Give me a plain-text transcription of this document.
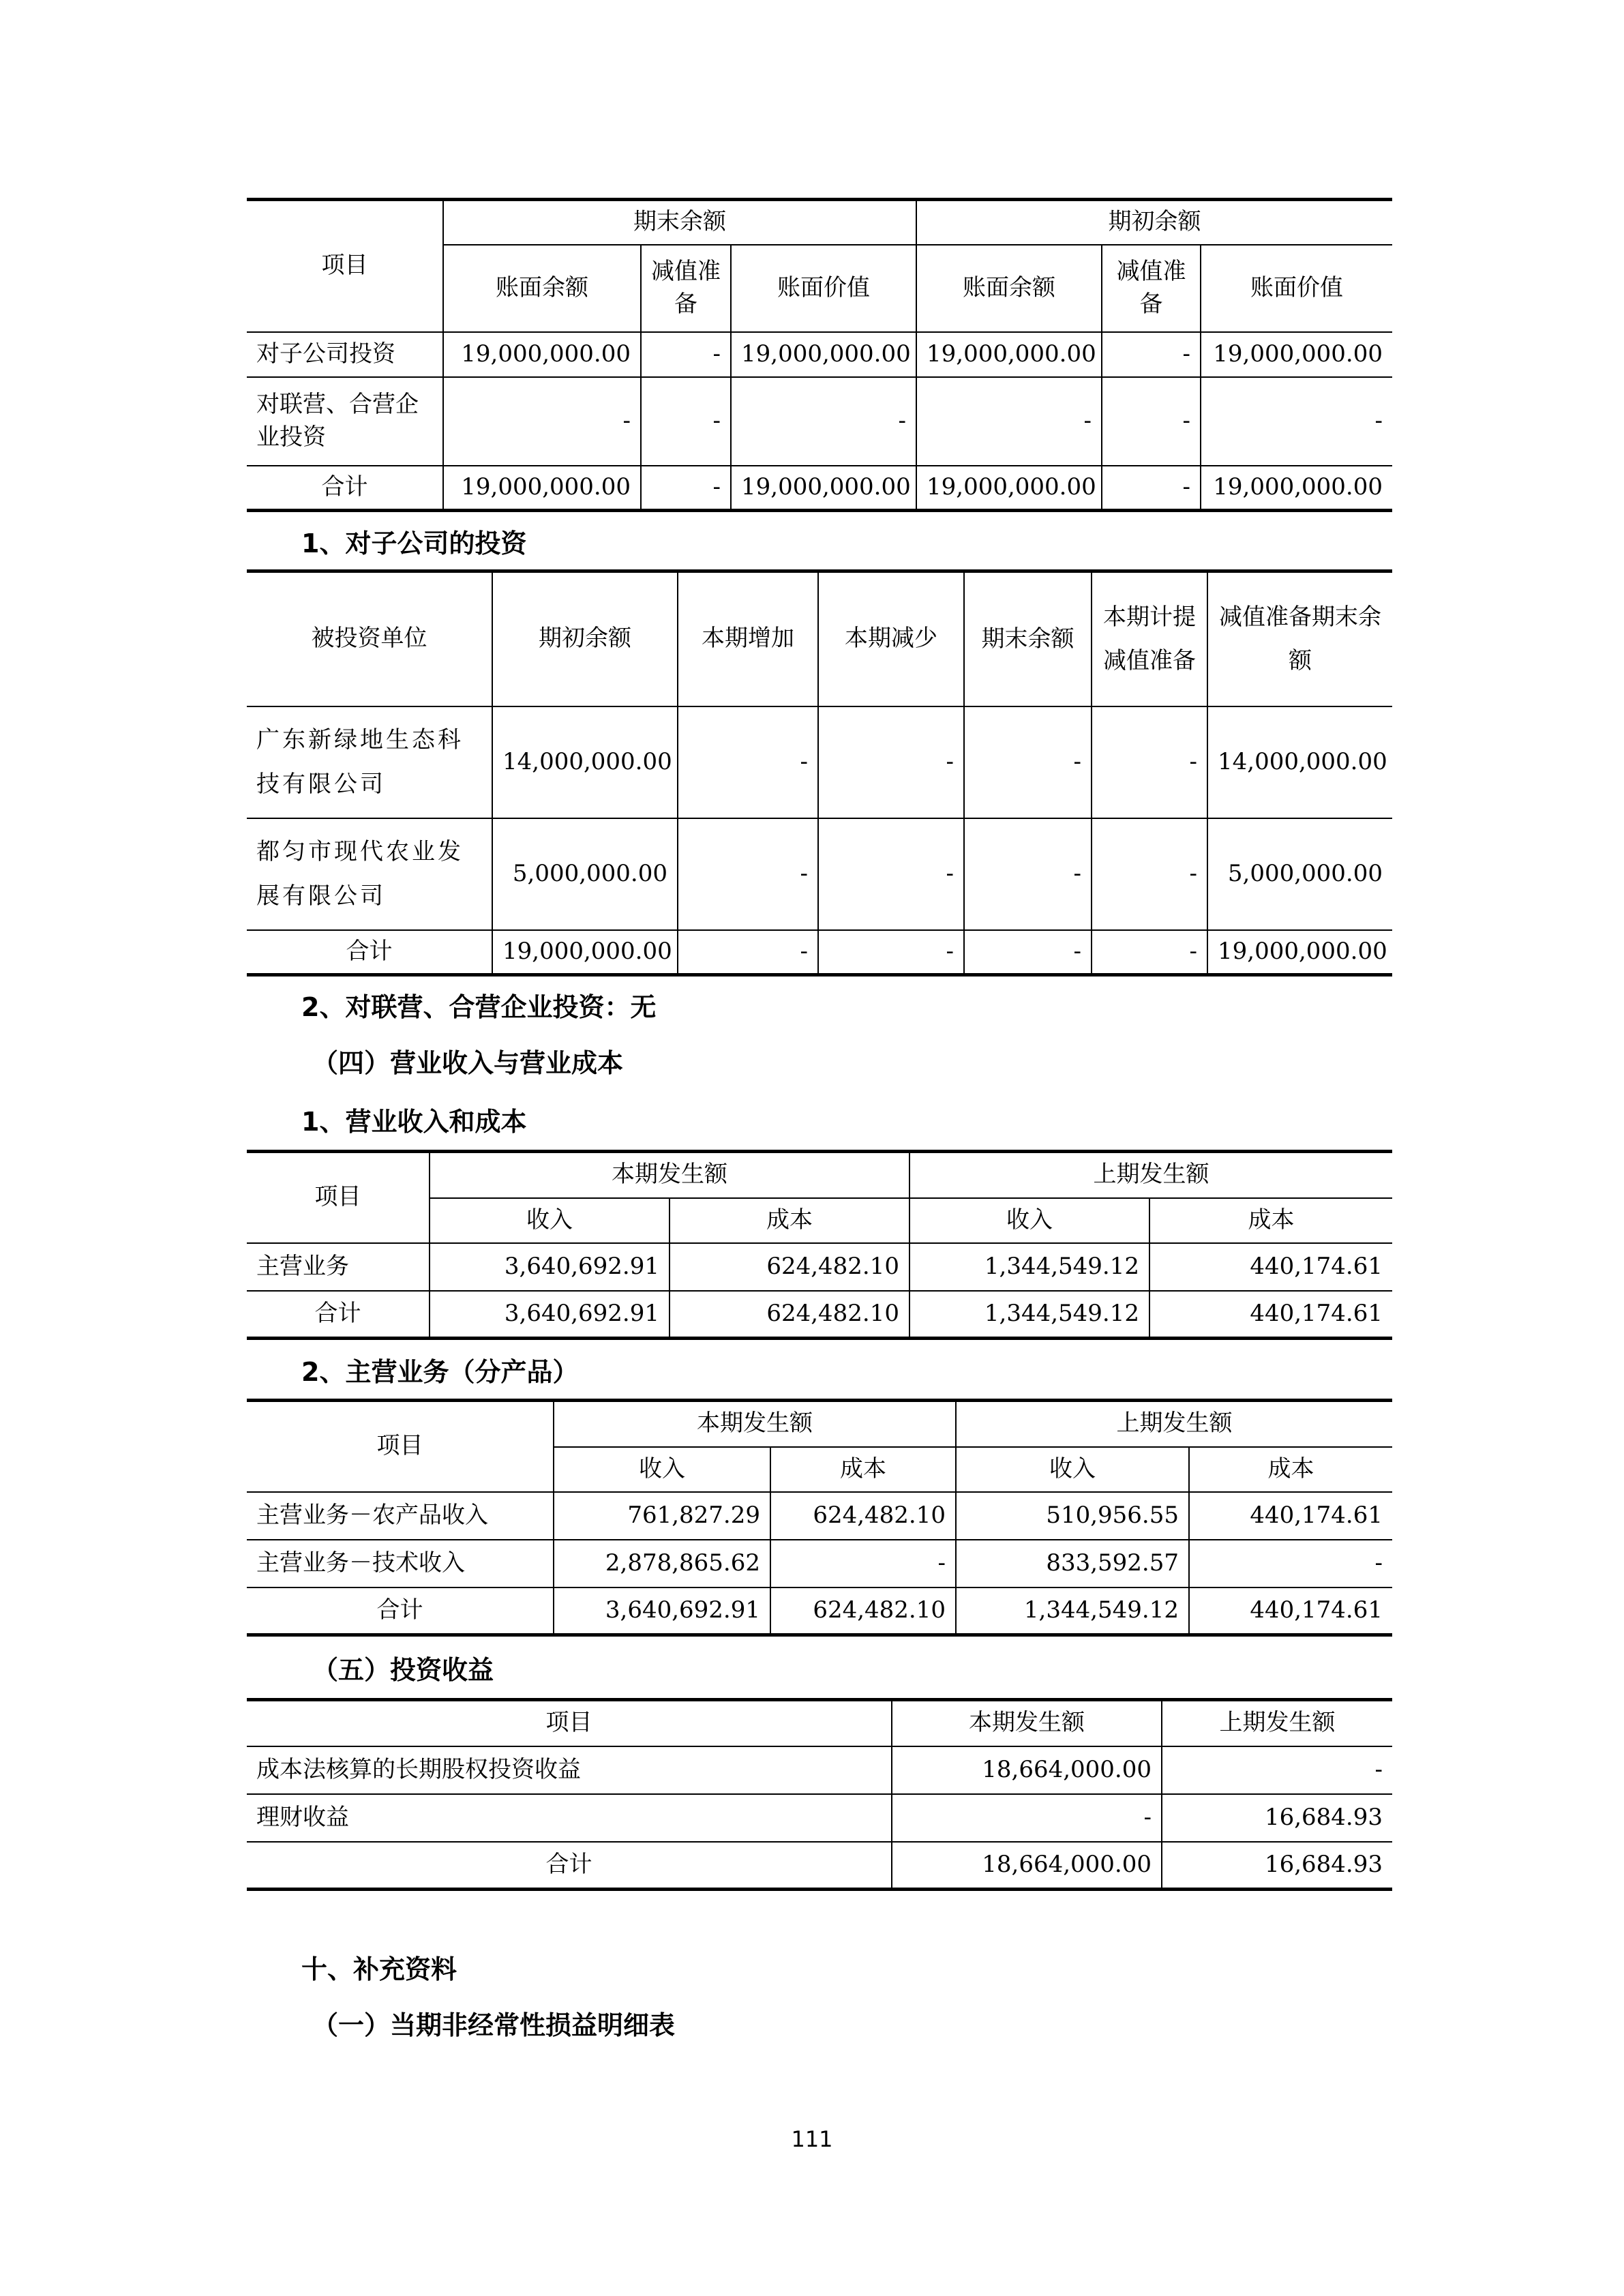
项目	期末余额			期初余额		
	账面余额	减值准备	账面价值	账面余额	减值准备	账面价值
对子公司投资	19,000,000.00	-	19,000,000.00	19,000,000.00	-	19,000,000.00
对联营、合营企业投资	-	-	-	-	-	-
合计	19,000,000.00	-	19,000,000.00	19,000,000.00	-	19,000,000.00

1、对子公司的投资

被投资单位	期初余额	本期增加	本期减少	期末余额	本期计提减值准备	减值准备期末余额
广东新绿地生态科技有限公司	14,000,000.00	-	-	-	-	14,000,000.00
都匀市现代农业发展有限公司	5,000,000.00	-	-	-	-	5,000,000.00
合计	19,000,000.00	-	-	-	-	19,000,000.00

2、对联营、合营企业投资：无

（四）营业收入与营业成本

1、营业收入和成本

项目	本期发生额		上期发生额	
	收入	成本	收入	成本
主营业务	3,640,692.91	624,482.10	1,344,549.12	440,174.61
合计	3,640,692.91	624,482.10	1,344,549.12	440,174.61

2、主营业务（分产品）

项目	本期发生额		上期发生额	
	收入	成本	收入	成本
主营业务－农产品收入	761,827.29	624,482.10	510,956.55	440,174.61
主营业务－技术收入	2,878,865.62	-	833,592.57	-
合计	3,640,692.91	624,482.10	1,344,549.12	440,174.61

（五）投资收益

项目	本期发生额	上期发生额
成本法核算的长期股权投资收益	18,664,000.00	-
理财收益	-	16,684.93
合计	18,664,000.00	16,684.93

十、补充资料

（一）当期非经常性损益明细表

111
